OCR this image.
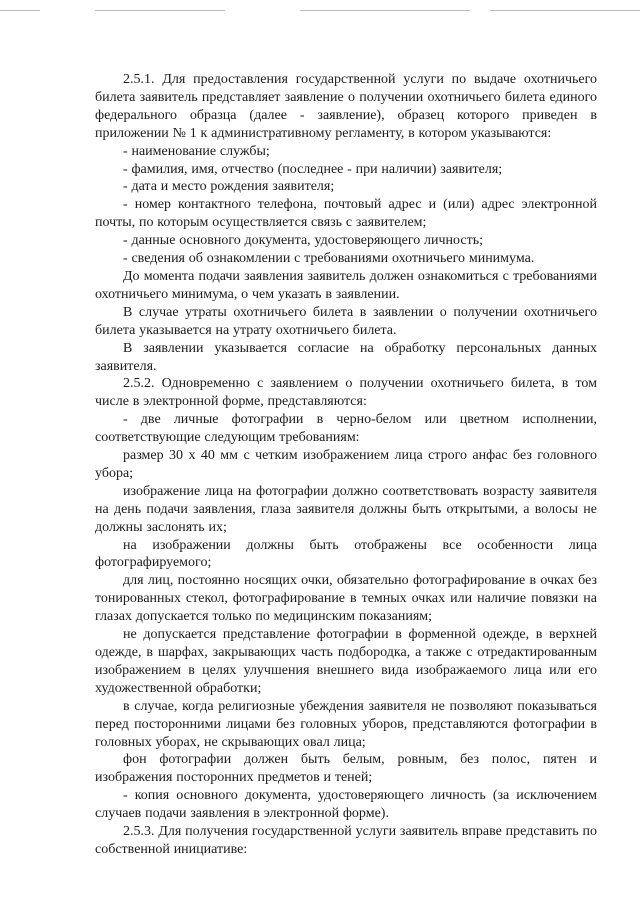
2.5.1. Для предоставления государственной услуги по выдаче охотничьего билета заявитель представляет заявление о получении охотничьего билета единого федерального образца (далее - заявление), образец которого приведен в приложении № 1 к административному регламенту, в котором указываются:

- наименование службы;

- фамилия, имя, отчество (последнее - при наличии) заявителя;

- дата и место рождения заявителя;

- номер контактного телефона, почтовый адрес и (или) адрес электронной почты, по которым осуществляется связь с заявителем;

- данные основного документа, удостоверяющего личность;

- сведения об ознакомлении с требованиями охотничьего минимума.

До момента подачи заявления заявитель должен ознакомиться с требованиями охотничьего минимума, о чем указать в заявлении.

В случае утраты охотничьего билета в заявлении о получении охотничьего билета указывается на утрату охотничьего билета.

В заявлении указывается согласие на обработку персональных данных заявителя.

2.5.2. Одновременно с заявлением о получении охотничьего билета, в том числе в электронной форме, представляются:

- две личные фотографии в черно-белом или цветном исполнении, соответствующие следующим требованиям:

размер 30 х 40 мм с четким изображением лица строго анфас без головного убора;

изображение лица на фотографии должно соответствовать возрасту заявителя на день подачи заявления, глаза заявителя должны быть открытыми, а волосы не должны заслонять их;

на изображении должны быть отображены все особенности лица фотографируемого;

для лиц, постоянно носящих очки, обязательно фотографирование в очках без тонированных стекол, фотографирование в темных очках или наличие повязки на глазах допускается только по медицинским показаниям;

не допускается представление фотографии в форменной одежде, в верхней одежде, в шарфах, закрывающих часть подбородка, а также с отредактированным изображением в целях улучшения внешнего вида изображаемого лица или его художественной обработки;

в случае, когда религиозные убеждения заявителя не позволяют показываться перед посторонними лицами без головных уборов, представляются фотографии в головных уборах, не скрывающих овал лица;

фон фотографии должен быть белым, ровным, без полос, пятен и изображения посторонних предметов и теней;

- копия основного документа, удостоверяющего личность (за исключением случаев подачи заявления в электронной форме).

2.5.3. Для получения государственной услуги заявитель вправе представить по собственной инициативе:
